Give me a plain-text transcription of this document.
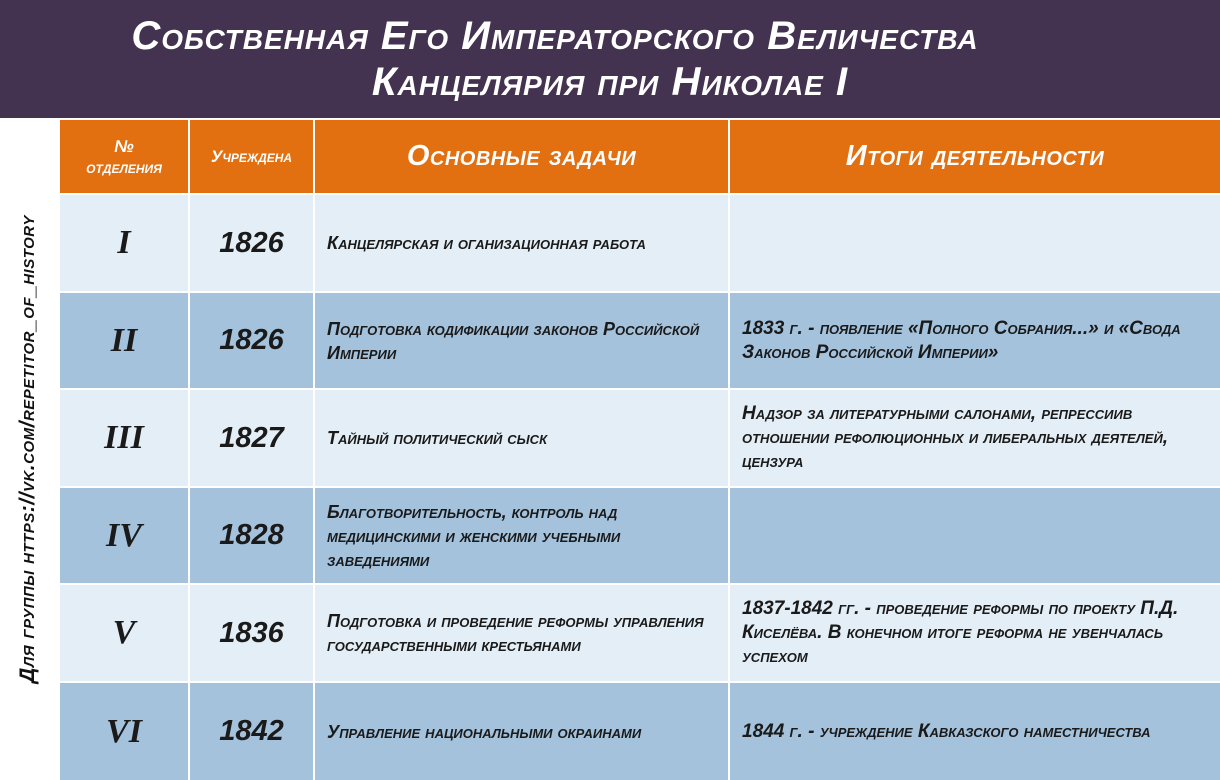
Собственная Его Императорского Величества
Канцелярия при Николае I
Для группы https://vk.com/repetitor_of_history
№
отделения	Учреждена	Основные задачи	Итоги деятельности
I	1826	Канцелярская и оганизационная работа	
II	1826	Подготовка кодификации законов Российской Империи	1833 г. - появление «Полного Собрания...» и «Свода Законов Российской Империи»
III	1827	Тайный политический сыск	Надзор за литературными салонами, репрессиив отношении рефолюционных и либеральных деятелей, цензура
IV	1828	Благотворительность, контроль над медицинскими и женскими учебными заведениями	
V	1836	Подготовка и проведение реформы управления государственными крестьянами	1837-1842 гг. - проведение реформы по проекту П.Д. Киселёва. В конечном итоге реформа не увенчалась успехом
VI	1842	Управление национальными окраинами	1844 г. - учреждение Кавказского наместничества
